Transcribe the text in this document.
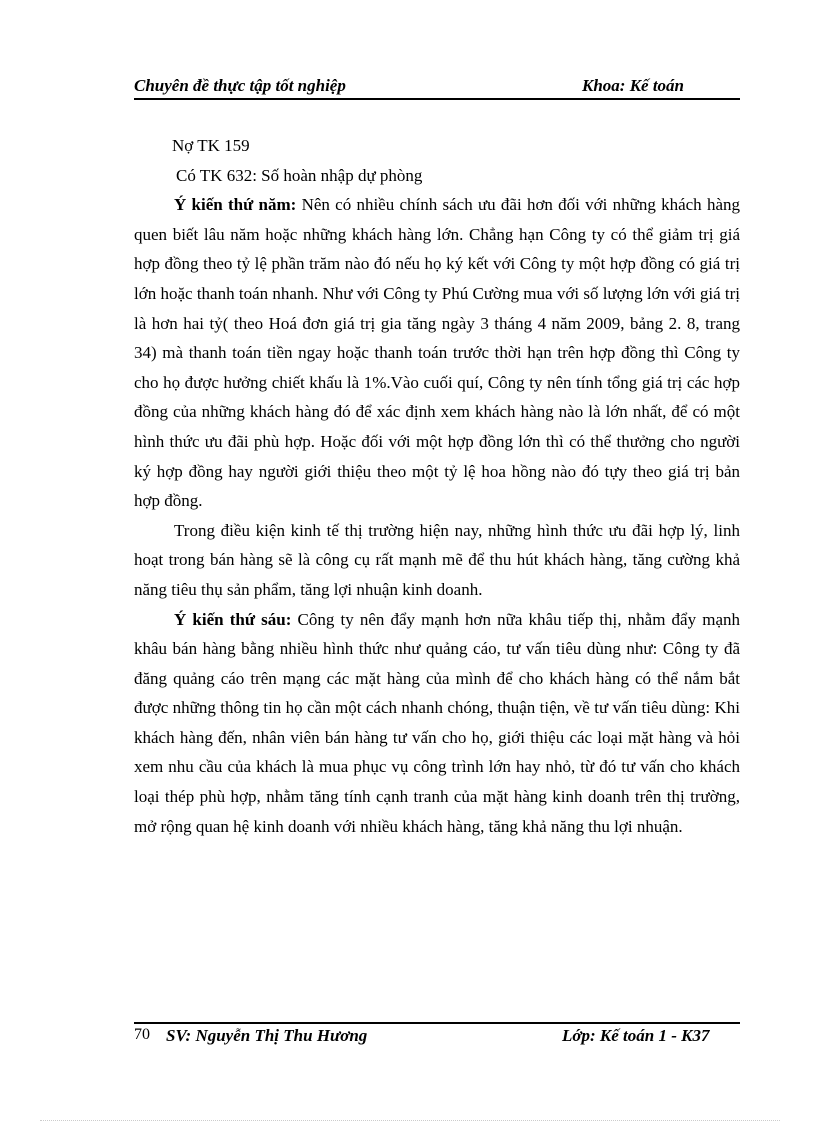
Chuyên đề thực tập tốt nghiệp	Khoa: Kế toán

Nợ TK 159

Có TK 632: Số hoàn nhập dự phòng

Ý kiến thứ năm: Nên có nhiều chính sách ưu đãi hơn đối với những khách hàng quen biết lâu năm hoặc những khách hàng lớn. Chẳng hạn Công ty có thể giảm trị giá hợp đồng theo tỷ lệ phần trăm nào đó nếu họ ký kết với Công ty một hợp đồng có giá trị lớn hoặc thanh toán nhanh. Như với Công ty Phú Cường mua với số lượng lớn với giá trị là hơn hai tỷ( theo Hoá đơn giá trị gia tăng ngày 3 tháng 4 năm 2009, bảng 2. 8, trang 34) mà thanh toán tiền ngay hoặc thanh toán trước thời hạn trên hợp đồng thì Công ty cho họ được hưởng chiết khấu là 1%.Vào cuối quí, Công ty nên tính tổng giá trị các hợp đồng của những khách hàng đó để xác định xem khách hàng nào là lớn nhất, để có một hình thức ưu đãi phù hợp. Hoặc đối với một hợp đồng lớn thì có thể thưởng cho người ký hợp đồng hay người giới thiệu theo một tỷ lệ hoa hồng nào đó tựy theo giá trị bản hợp đồng.

Trong điều kiện kinh tế thị trường hiện nay, những hình thức ưu đãi hợp lý, linh hoạt trong bán hàng sẽ là công cụ rất mạnh mẽ để thu hút khách hàng, tăng cường khả năng tiêu thụ sản phẩm, tăng lợi nhuận kinh doanh.

Ý kiến thứ sáu: Công ty nên đẩy mạnh hơn nữa khâu tiếp thị, nhằm đẩy mạnh khâu bán hàng bằng nhiều hình thức như quảng cáo, tư vấn tiêu dùng như: Công ty đã đăng quảng cáo trên mạng các mặt hàng của mình để cho khách hàng có thể nắm bắt được những thông tin họ cần một cách nhanh chóng, thuận tiện, về tư vấn tiêu dùng: Khi khách hàng đến, nhân viên bán hàng tư vấn cho họ, giới thiệu các loại mặt hàng và hỏi xem nhu cầu của khách là mua phục vụ công trình lớn hay nhỏ, từ đó tư vấn cho khách loại thép phù hợp, nhằm tăng tính cạnh tranh của mặt hàng kinh doanh trên thị trường, mở rộng quan hệ kinh doanh với nhiều khách hàng, tăng khả năng thu lợi nhuận.

70 SV: Nguyễn Thị Thu Hương	Lớp: Kế toán 1 - K37
